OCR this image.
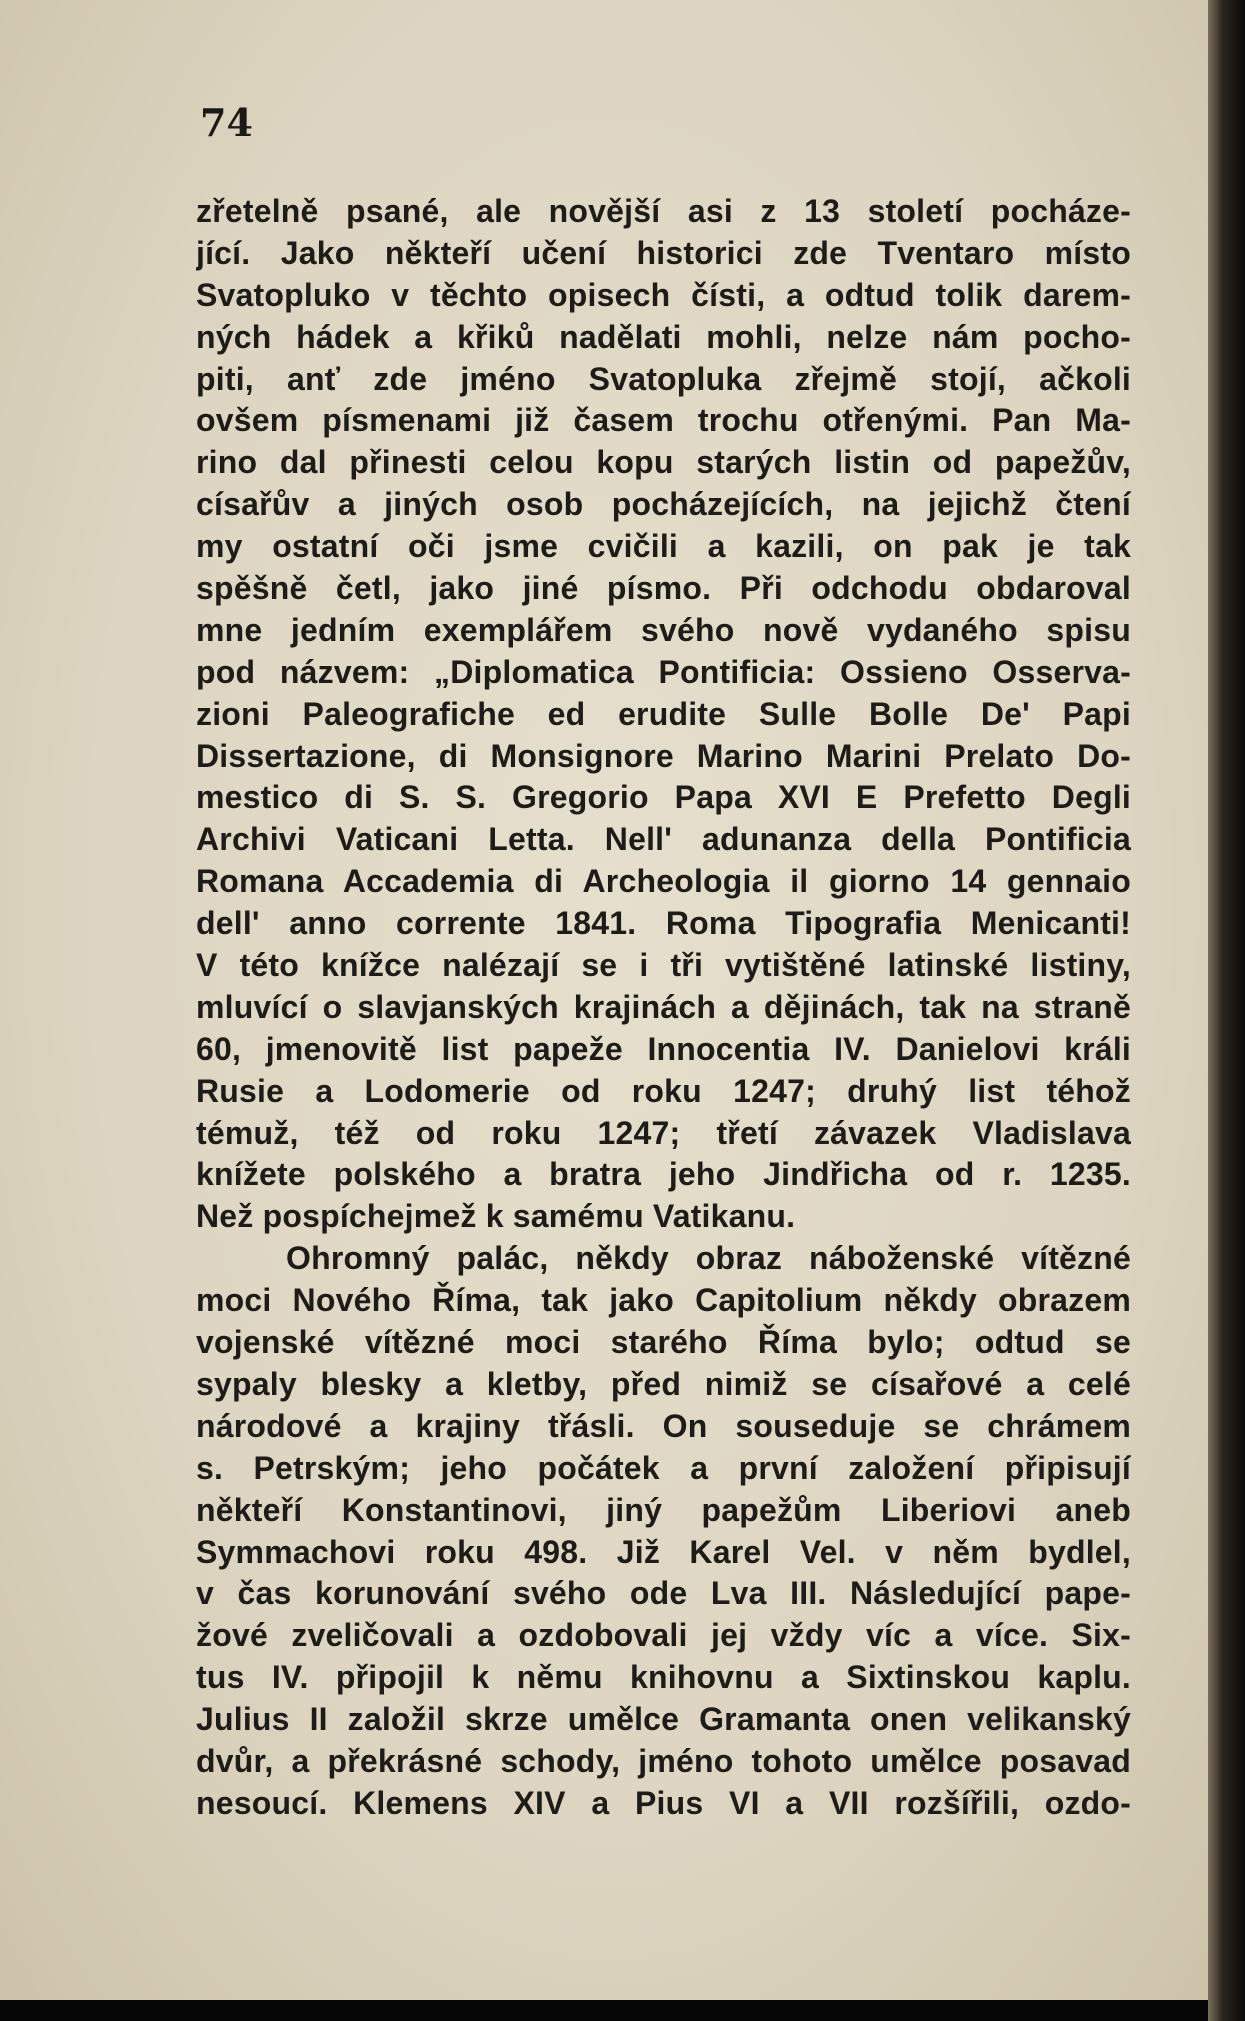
74
zřetelně psané, ale novější asi z 13 století pocháze-
jící. Jako někteří učení historici zde Tventaro místo
Svatopluko v těchto opisech čísti, a odtud tolik darem-
ných hádek a křiků nadělati mohli, nelze nám pocho-
piti, anť zde jméno Svatopluka zřejmě stojí, ačkoli
ovšem písmenami již časem trochu otřenými. Pan Ma-
rino dal přinesti celou kopu starých listin od papežův,
císařův a jiných osob pocházejících, na jejichž čtení
my ostatní oči jsme cvičili a kazili, on pak je tak
spěšně četl, jako jiné písmo. Při odchodu obdaroval
mne jedním exemplářem svého nově vydaného spisu
pod názvem: „Diplomatica Pontificia: Ossieno Osserva-
zioni Paleografiche ed erudite Sulle Bolle De' Papi
Dissertazione, di Monsignore Marino Marini Prelato Do-
mestico di S. S. Gregorio Papa XVI E Prefetto Degli
Archivi Vaticani Letta. Nell' adunanza della Pontificia
Romana Accademia di Archeologia il giorno 14 gennaio
dell' anno corrente 1841. Roma Tipografia Menicanti!
V této knížce nalézají se i tři vytištěné latinské listiny,
mluvící o slavjanských krajinách a dějinách, tak na straně
60, jmenovitě list papeže Innocentia IV. Danielovi králi
Rusie a Lodomerie od roku 1247; druhý list téhož
témuž, též od roku 1247; třetí závazek Vladislava
knížete polského a bratra jeho Jindřicha od r. 1235.
Než pospíchejmež k samému Vatikanu.
Ohromný palác, někdy obraz náboženské vítězné
moci Nového Říma, tak jako Capitolium někdy obrazem
vojenské vítězné moci starého Říma bylo; odtud se
sypaly blesky a kletby, před nimiž se císařové a celé
národové a krajiny třásli. On souseduje se chrámem
s. Petrským; jeho počátek a první založení připisují
někteří Konstantinovi, jiný papežům Liberiovi aneb
Symmachovi roku 498. Již Karel Vel. v něm bydlel,
v čas korunování svého ode Lva III. Následující pape-
žové zveličovali a ozdobovali jej vždy víc a více. Six-
tus IV. připojil k němu knihovnu a Sixtinskou kaplu.
Julius II založil skrze umělce Gramanta onen velikanský
dvůr, a překrásné schody, jméno tohoto umělce posavad
nesoucí. Klemens XIV a Pius VI a VII rozšířili, ozdo-
